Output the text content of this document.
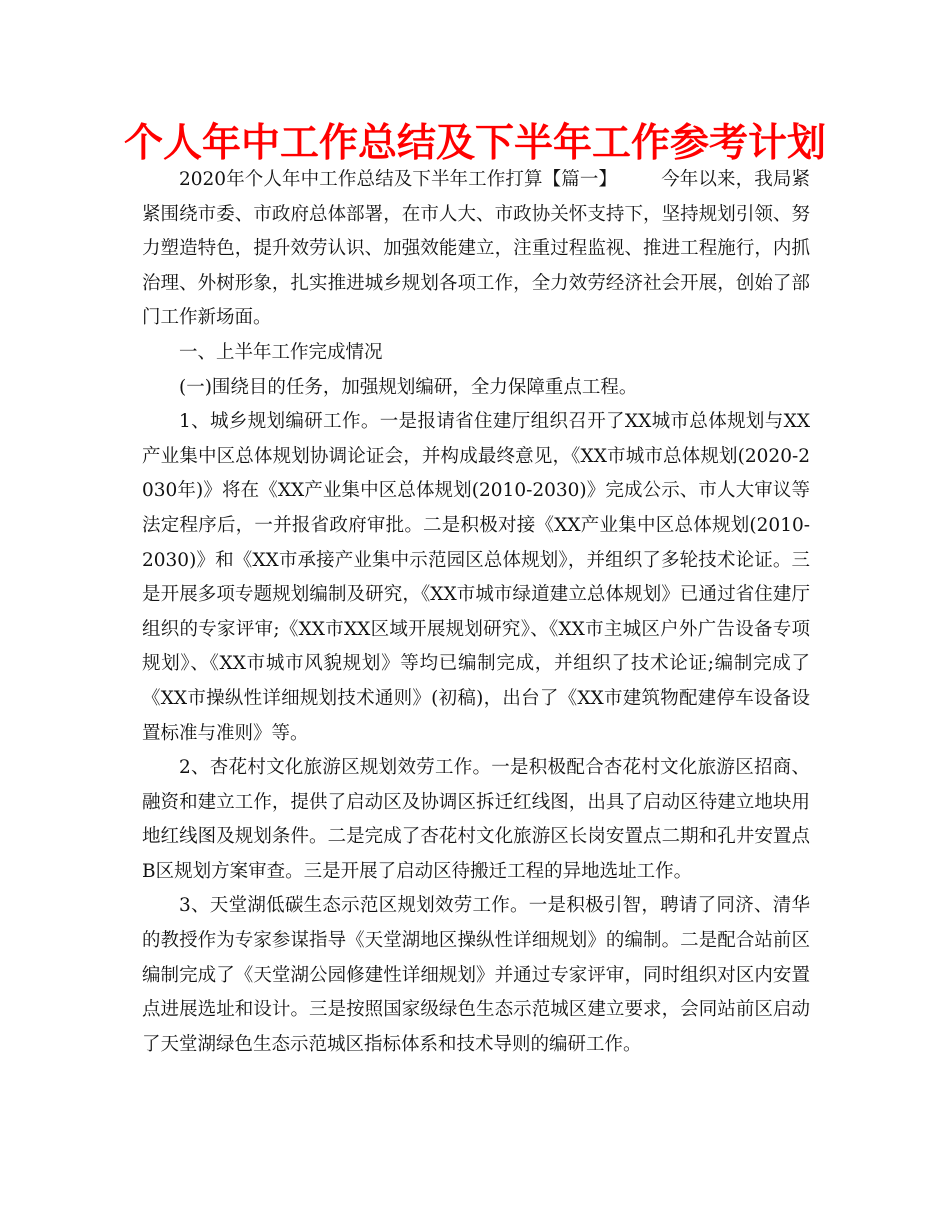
个人年中工作总结及下半年工作参考计划

2020年个人年中工作总结及下半年工作打算【篇一】 今年以来，我局紧紧围绕市委、市政府总体部署，在市人大、市政协关怀支持下，坚持规划引领、努力塑造特色，提升效劳认识、加强效能建立，注重过程监视、推进工程施行，内抓治理、外树形象，扎实推进城乡规划各项工作，全力效劳经济社会开展，创始了部门工作新场面。

一、上半年工作完成情况

(一)围绕目的任务，加强规划编研，全力保障重点工程。

1、城乡规划编研工作。一是报请省住建厅组织召开了XX城市总体规划与XX产业集中区总体规划协调论证会，并构成最终意见，《XX市城市总体规划(2020-2030年)》将在《XX产业集中区总体规划(2010-2030)》完成公示、市人大审议等法定程序后，一并报省政府审批。二是积极对接《XX产业集中区总体规划(2010-2030)》和《XX市承接产业集中示范园区总体规划》，并组织了多轮技术论证。三是开展多项专题规划编制及研究，《XX市城市绿道建立总体规划》已通过省住建厅组织的专家评审;《XX市XX区域开展规划研究》、《XX市主城区户外广告设备专项规划》、《XX市城市风貌规划》等均已编制完成，并组织了技术论证;编制完成了《XX市操纵性详细规划技术通则》(初稿)，出台了《XX市建筑物配建停车设备设置标准与准则》等。

2、杏花村文化旅游区规划效劳工作。一是积极配合杏花村文化旅游区招商、融资和建立工作，提供了启动区及协调区拆迁红线图，出具了启动区待建立地块用地红线图及规划条件。二是完成了杏花村文化旅游区长岗安置点二期和孔井安置点B区规划方案审查。三是开展了启动区待搬迁工程的异地选址工作。

3、天堂湖低碳生态示范区规划效劳工作。一是积极引智，聘请了同济、清华的教授作为专家参谋指导《天堂湖地区操纵性详细规划》的编制。二是配合站前区编制完成了《天堂湖公园修建性详细规划》并通过专家评审，同时组织对区内安置点进展选址和设计。三是按照国家级绿色生态示范城区建立要求，会同站前区启动了天堂湖绿色生态示范城区指标体系和技术导则的编研工作。
